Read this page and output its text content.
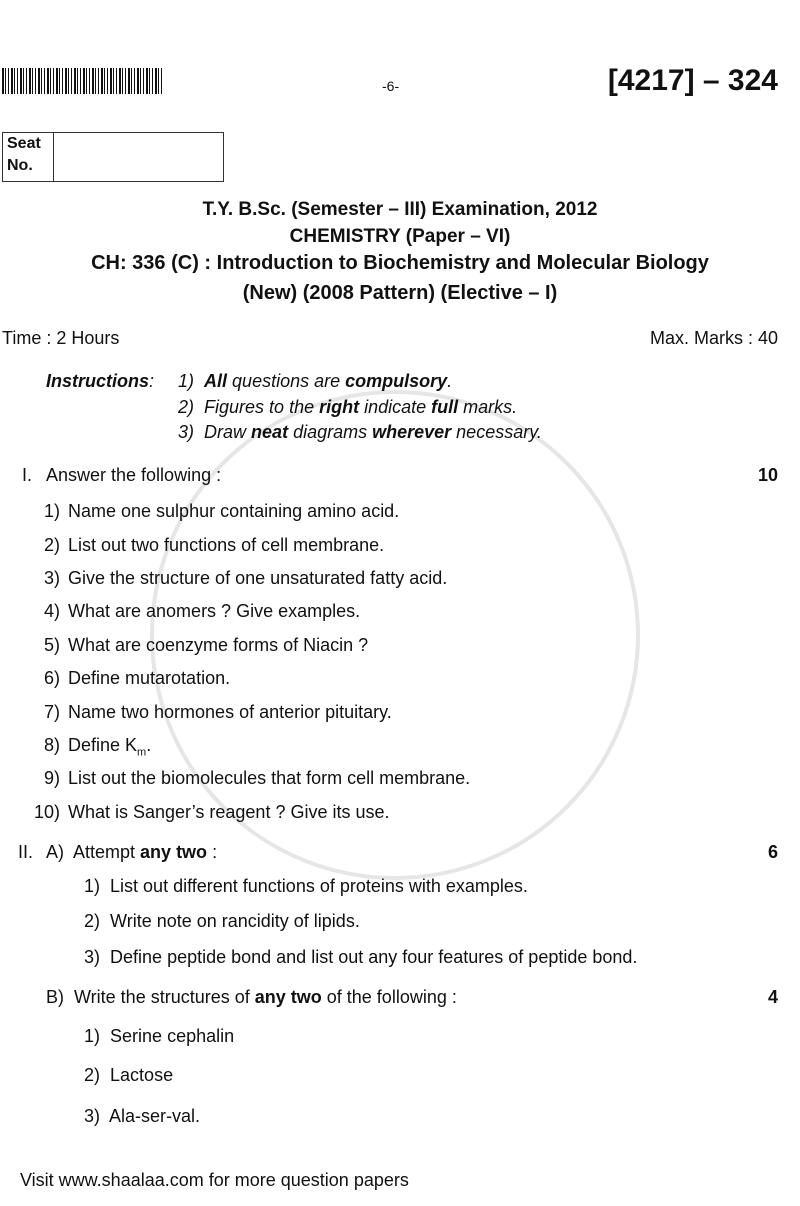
-6-	[4217] – 324
Seat
No.
T.Y. B.Sc. (Semester – III) Examination, 2012
CHEMISTRY (Paper – VI)
CH: 336 (C) : Introduction to Biochemistry and Molecular Biology
(New) (2008 Pattern) (Elective – I)
Time : 2 Hours	Max. Marks : 40
Instructions: 1) All questions are compulsory.
2) Figures to the right indicate full marks.
3) Draw neat diagrams wherever necessary.
I. Answer the following :	10
1) Name one sulphur containing amino acid.
2) List out two functions of cell membrane.
3) Give the structure of one unsaturated fatty acid.
4) What are anomers ? Give examples.
5) What are coenzyme forms of Niacin ?
6) Define mutarotation.
7) Name two hormones of anterior pituitary.
8) Define $K_m$.
9) List out the biomolecules that form cell membrane.
10) What is Sanger’s reagent ? Give its use.
II. A) Attempt any two :	6
1) List out different functions of proteins with examples.
2) Write note on rancidity of lipids.
3) Define peptide bond and list out any four features of peptide bond.
B) Write the structures of any two of the following :	4
1) Serine cephalin
2) Lactose
3) Ala-ser-val.
Visit www.shaalaa.com for more question papers
